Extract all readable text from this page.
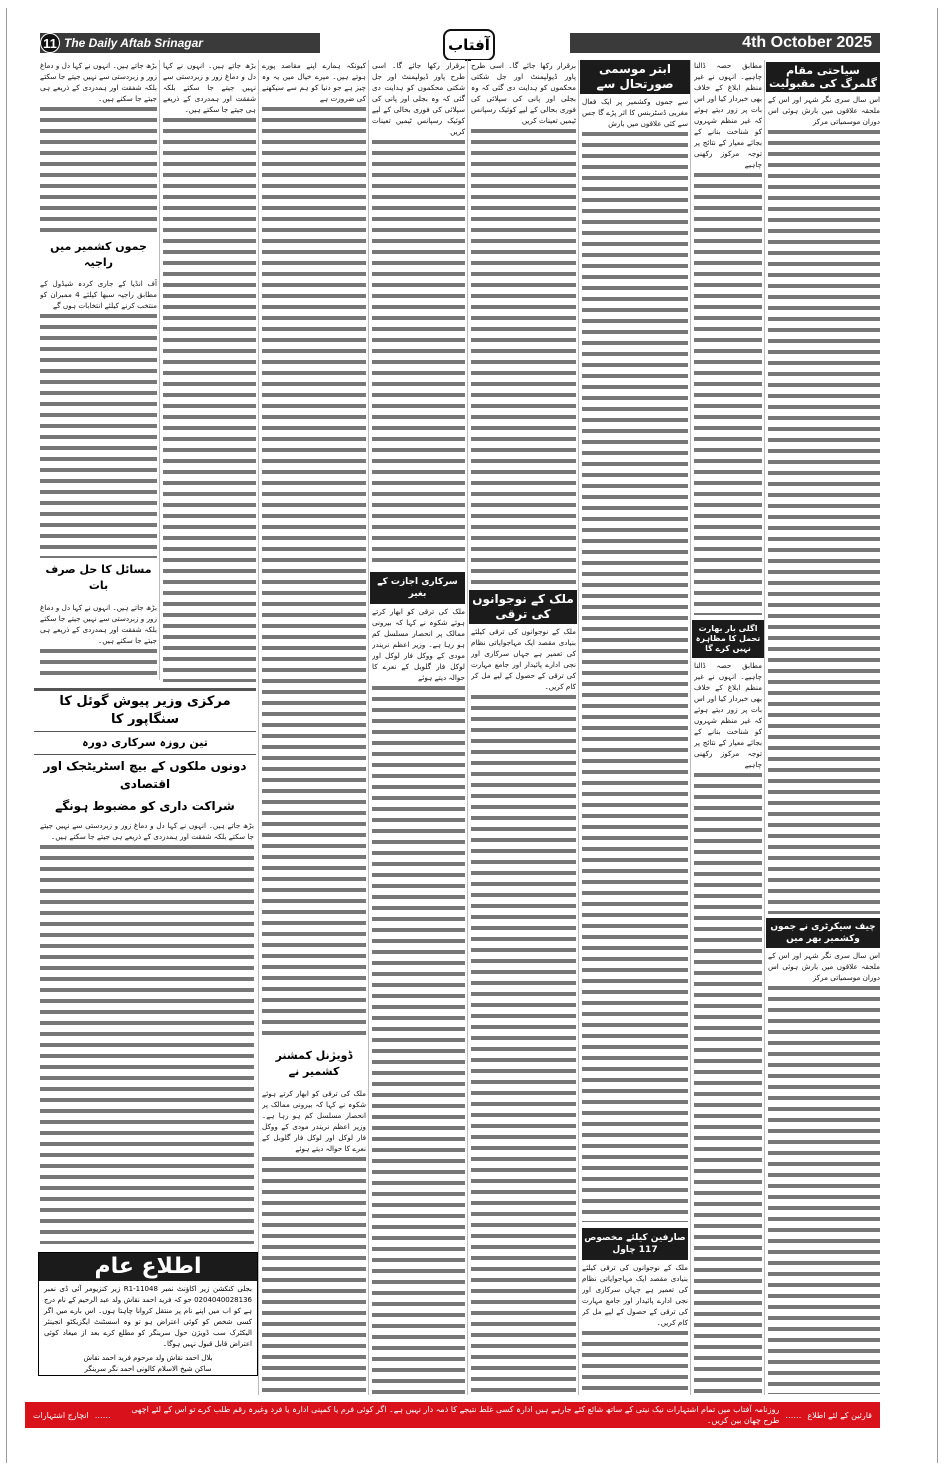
11 The Daily Aftab Srinagar	آفتاب	4th October 2025

اس سال سری نگر شہر اور اس کے ملحقہ علاقوں میں بارش ہوئی اس دوران موسمیاتی مرکز

اس سال سری نگر شہر اور اس کے ملحقہ علاقوں میں بارش ہوئی اس دوران موسمیاتی مرکز

مطابق حصہ ڈالنا چاہیے۔ انہوں نے غیر منظم ابلاغ کے خلاف بھی خبردار کیا اور اس بات پر زور دیتے ہوئے کہ غیر منظم شہروں کو شناخت بنانے کے بجائے معیار کے نتائج پر توجہ مرکوز رکھنی چاہیے

سے جموں وکشمیر پر ایک فعال مغربی ڈسٹربنس کا اثر پڑے گا جس سے کئی علاقوں میں بارش

مطابق حصہ ڈالنا چاہیے۔ انہوں نے غیر منظم ابلاغ کے خلاف بھی خبردار کیا اور اس بات پر زور دیتے ہوئے کہ غیر منظم شہروں کو شناخت بنانے کے بجائے معیار کے نتائج پر توجہ مرکوز رکھنی چاہیے

ملک کے نوجوانوں کی ترقی کیلئے بنیادی مقصد ایک مہاجوایاتی نظام کی تعمیر ہے جہاں سرکاری اور نجی ادارے پائیدار اور جامع مہارت کی ترقی کے حصول کے لیے مل کر کام کریں۔

برقرار رکھا جائے گا۔ اسی طرح پاور ڈیولپمنٹ اور جل شکتی محکموں کو ہدایت دی گئی کہ وہ بجلی اور پانی کی سپلائی کی فوری بحالی کے لیے کوئیک رسپانس ٹیمیں تعینات کریں

ملک کے نوجوانوں کی ترقی کیلئے بنیادی مقصد ایک مہاجوایاتی نظام کی تعمیر ہے جہاں سرکاری اور نجی ادارے پائیدار اور جامع مہارت کی ترقی کے حصول کے لیے مل کر کام کریں۔

برقرار رکھا جائے گا۔ اسی طرح پاور ڈیولپمنٹ اور جل شکتی محکموں کو ہدایت دی گئی کہ وہ بجلی اور پانی کی سپلائی کی فوری بحالی کے لیے کوئیک رسپانس ٹیمیں تعینات کریں

ملک کی ترقی کو ابھار کرتے ہوئے شکوہ نے کہا کہ بیرونی ممالک پر انحصار مسلسل کم ہو رہا ہے۔ وزیر اعظم نریندر مودی کے ووکل فار لوکل اور لوکل فار گلوبل کے نعرے کا حوالہ دیتے ہوئے

کیونکہ ہمارے اپنے مقاصد پورے ہوتے ہیں۔ میرے خیال میں یہ وہ چیز ہے جو دنیا کو ہم سے سیکھنے کی ضرورت ہے

ملک کی ترقی کو ابھار کرتے ہوئے شکوہ نے کہا کہ بیرونی ممالک پر انحصار مسلسل کم ہو رہا ہے۔ وزیر اعظم نریندر مودی کے ووکل فار لوکل اور لوکل فار گلوبل کے نعرے کا حوالہ دیتے ہوئے

بڑھ جاتے ہیں۔ انہوں نے کہا دل و دماغ زور و زبردستی سے نہیں جیتے جا سکتے بلکہ شفقت اور ہمدردی کے ذریعے ہی جیتے جا سکتے ہیں۔

بڑھ جاتے ہیں۔ انہوں نے کہا دل و دماغ زور و زبردستی سے نہیں جیتے جا سکتے بلکہ شفقت اور ہمدردی کے ذریعے ہی جیتے جا سکتے ہیں۔

آف انڈیا کے جاری کردہ شیڈول کے مطابق راجیہ سبھا کیلئے 4 ممبران کو منتخب کرنے کیلئے انتخابات ہوں گے

بڑھ جاتے ہیں۔ انہوں نے کہا دل و دماغ زور و زبردستی سے نہیں جیتے جا سکتے بلکہ شفقت اور ہمدردی کے ذریعے ہی جیتے جا سکتے ہیں۔

بڑھ جاتے ہیں۔ انہوں نے کہا دل و دماغ زور و زبردستی سے نہیں جیتے جا سکتے بلکہ شفقت اور ہمدردی کے ذریعے ہی جیتے جا سکتے ہیں۔

سیاحتی مقام گلمرگ کی مقبولیت
ابتر موسمی صورتحال سے
اگلی بار بھارت تحمل کا مظاہرہ نہیں کرے گا
چیف سیکرٹری نے جموں وکشمیر بھر میں
ملک کے نوجوانوں کی ترقی
صارفین کیلئے مخصوص 117 چاول
سرکاری اجازت کے بغیر
ڈویژنل کمشنر کشمیر نے
جموں کشمیر میں راجیہ
مسائل کا حل صرف بات
مرکزی وزیر پیوش گوئل کا سنگاپور کا
تین روزہ سرکاری دورہ
دونوں ملکوں کے بیچ اسٹریٹجک اور اقتصادی
شراکت داری کو مضبوط ہونگے
اطلاع عام
بجلی کنکشن زیر اکاؤنٹ نمبر 11048-R1 زیر کنزیومر آئی ڈی نمبر 0204040028136 جو کہ فرید احمد نقاش ولد عبد الرحیم کے نام درج ہے کو اب میں اپنے نام پر منتقل کروانا چاہتا ہوں۔ اس بارے میں اگر کسی شخص کو کوئی اعتراض ہو تو وہ اسسٹنٹ ایگزیکٹو انجینئر الیکٹرک سب ڈویژن حول سرینگر کو مطلع کرے بعد از میعاد کوئی اعتراض قابل قبول نہیں ہوگا۔
بلال احمد نقاش ولد مرحوم فرید احمد نقاش
ساکن شیخ الاسلام کالونی احمد نگر سرینگر
قارئین کے لئے اطلاع
……
روزنامہ آفتاب میں تمام اشتہارات نیک نیتی کے ساتھ شائع کئے جارہے ہیں ادارہ کسی غلط نتیجے کا ذمہ دار نہیں ہے۔ اگر کوئی فرم یا کمپنی ادارہ یا فرد وغیرہ رقم طلب کرے تو اس کے لئے اچھی طرح چھان بین کریں۔
……
انچارج اشتہارات
